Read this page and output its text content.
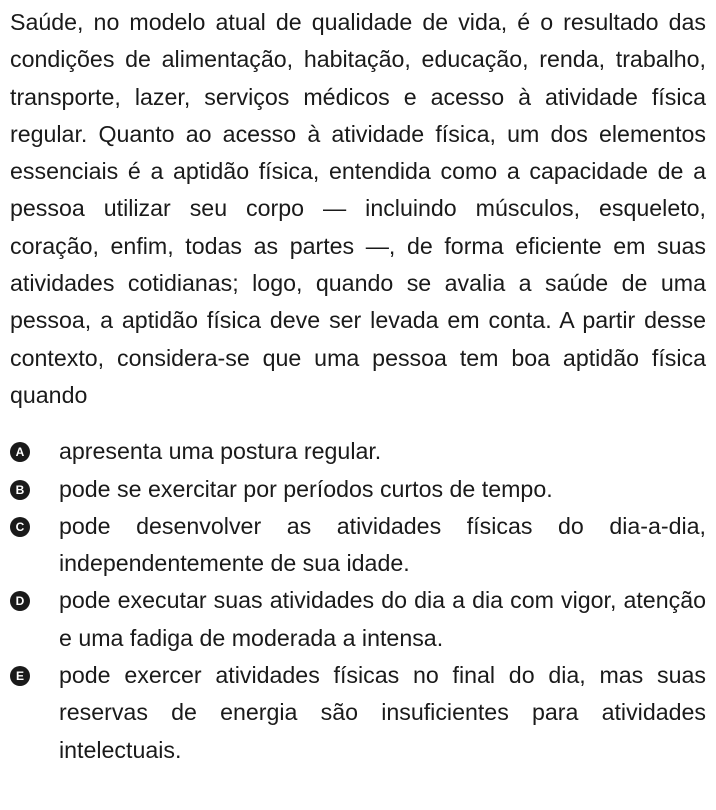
Saúde, no modelo atual de qualidade de vida, é o resultado das condições de alimentação, habitação, educação, renda, trabalho, transporte, lazer, serviços médicos e acesso à atividade física regular. Quanto ao acesso à atividade física, um dos elementos essenciais é a aptidão física, entendida como a capacidade de a pessoa utilizar seu corpo — incluindo músculos, esqueleto, coração, enfim, todas as partes —, de forma eficiente em suas atividades cotidianas; logo, quando se avalia a saúde de uma pessoa, a aptidão física deve ser levada em conta. A partir desse contexto, considera-se que uma pessoa tem boa aptidão física quando

A apresenta uma postura regular.
B pode se exercitar por períodos curtos de tempo.
C pode desenvolver as atividades físicas do dia-a-dia, independentemente de sua idade.
D pode executar suas atividades do dia a dia com vigor, atenção e uma fadiga de moderada a intensa.
E pode exercer atividades físicas no final do dia, mas suas reservas de energia são insuficientes para atividades intelectuais.
